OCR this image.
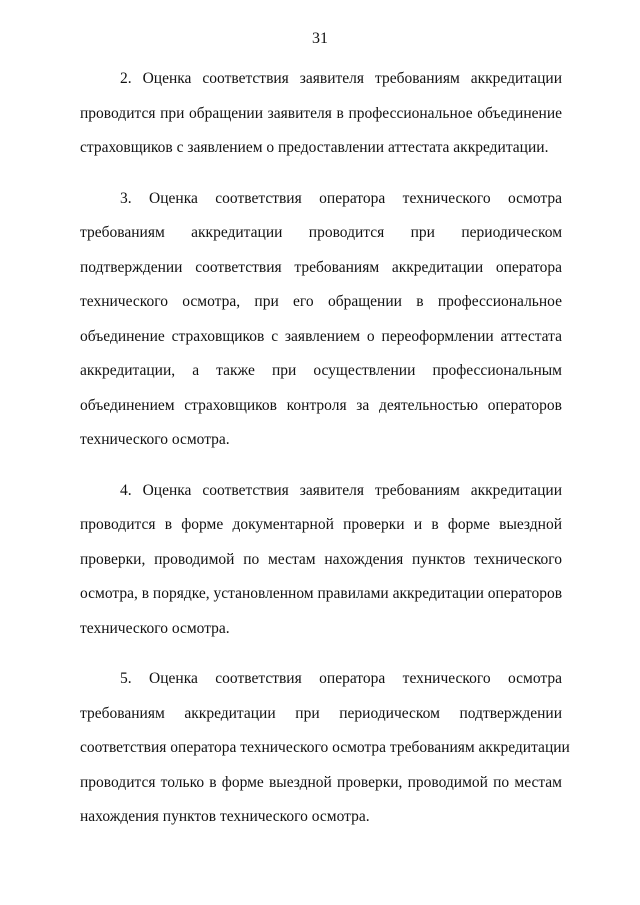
31
2. Оценка соответствия заявителя требованиям аккредитации
проводится при обращении заявителя в профессиональное объединение
страховщиков с заявлением о предоставлении аттестата аккредитации.
3. Оценка соответствия оператора технического осмотра
требованиям аккредитации проводится при периодическом
подтверждении соответствия требованиям аккредитации оператора
технического осмотра, при его обращении в профессиональное
объединение страховщиков с заявлением о переоформлении аттестата
аккредитации, а также при осуществлении профессиональным
объединением страховщиков контроля за деятельностью операторов
технического осмотра.
4. Оценка соответствия заявителя требованиям аккредитации
проводится в форме документарной проверки и в форме выездной
проверки, проводимой по местам нахождения пунктов технического
осмотра, в порядке, установленном правилами аккредитации операторов
технического осмотра.
5. Оценка соответствия оператора технического осмотра
требованиям аккредитации при периодическом подтверждении
соответствия оператора технического осмотра требованиям аккредитации
проводится только в форме выездной проверки, проводимой по местам
нахождения пунктов технического осмотра.
